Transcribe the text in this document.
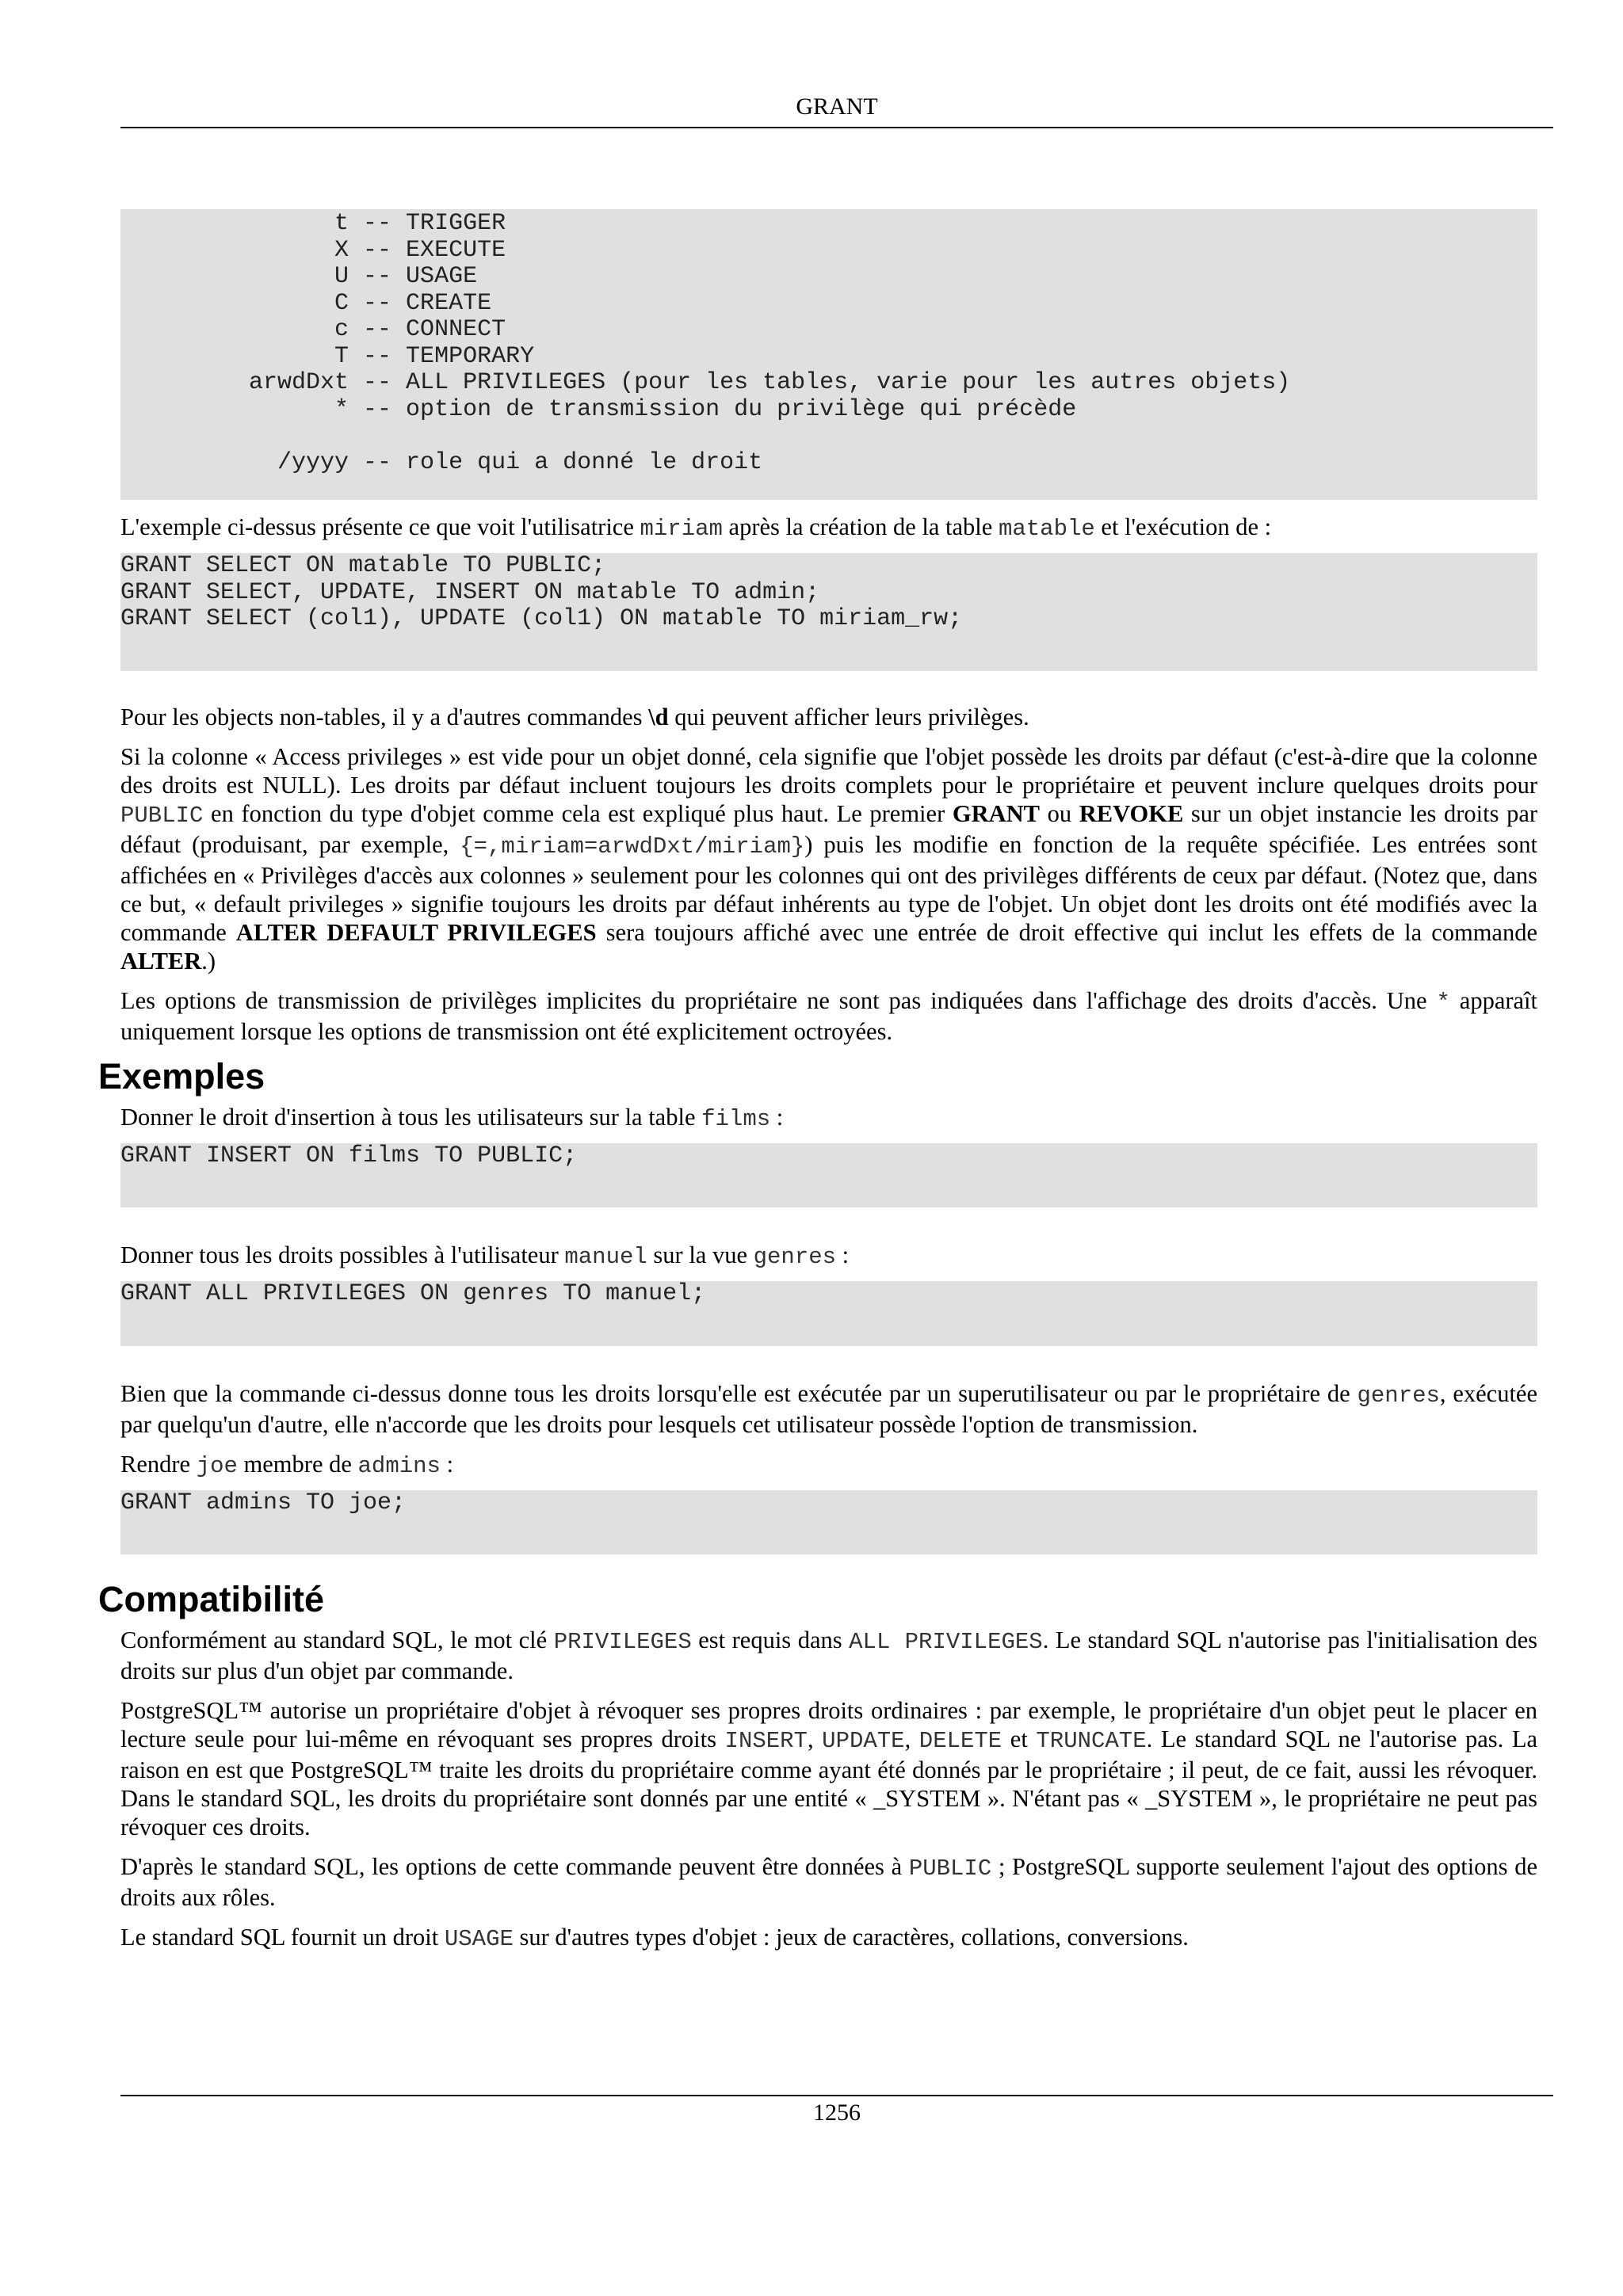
GRANT
t -- TRIGGER
X -- EXECUTE
U -- USAGE
C -- CREATE
c -- CONNECT
T -- TEMPORARY
arwdDxt -- ALL PRIVILEGES (pour les tables, varie pour les autres objets)
* -- option de transmission du privilège qui précède

/yyyy -- role qui a donné le droit

L'exemple ci-dessus présente ce que voit l'utilisatrice miriam après la création de la table matable et l'exécution de :

GRANT SELECT ON matable TO PUBLIC;
GRANT SELECT, UPDATE, INSERT ON matable TO admin;
GRANT SELECT (col1), UPDATE (col1) ON matable TO miriam_rw;

Pour les objects non-tables, il y a d'autres commandes \d qui peuvent afficher leurs privilèges.

Si la colonne « Access privileges » est vide pour un objet donné, cela signifie que l'objet possède les droits par défaut (c'est-à-dire que la colonne des droits est NULL). Les droits par défaut incluent toujours les droits complets pour le propriétaire et peuvent inclure quelques droits pour PUBLIC en fonction du type d'objet comme cela est expliqué plus haut. Le premier GRANT ou REVOKE sur un objet instancie les droits par défaut (produisant, par exemple, {=,miriam=arwdDxt/miriam}) puis les modifie en fonction de la requête spécifiée. Les entrées sont affichées en « Privilèges d'accès aux colonnes » seulement pour les colonnes qui ont des privilèges différents de ceux par défaut. (Notez que, dans ce but, « default privileges » signifie toujours les droits par défaut inhérents au type de l'objet. Un objet dont les droits ont été modifiés avec la commande ALTER DEFAULT PRIVILEGES sera toujours affiché avec une entrée de droit effective qui inclut les effets de la commande ALTER.)

Les options de transmission de privilèges implicites du propriétaire ne sont pas indiquées dans l'affichage des droits d'accès. Une * apparaît uniquement lorsque les options de transmission ont été explicitement octroyées.

Exemples

Donner le droit d'insertion à tous les utilisateurs sur la table films :

GRANT INSERT ON films TO PUBLIC;

Donner tous les droits possibles à l'utilisateur manuel sur la vue genres :

GRANT ALL PRIVILEGES ON genres TO manuel;

Bien que la commande ci-dessus donne tous les droits lorsqu'elle est exécutée par un superutilisateur ou par le propriétaire de genres, exécutée par quelqu'un d'autre, elle n'accorde que les droits pour lesquels cet utilisateur possède l'option de transmission.

Rendre joe membre de admins :

GRANT admins TO joe;
Compatibilité

Conformément au standard SQL, le mot clé PRIVILEGES est requis dans ALL PRIVILEGES. Le standard SQL n'autorise pas l'initialisation des droits sur plus d'un objet par commande.

PostgreSQL™ autorise un propriétaire d'objet à révoquer ses propres droits ordinaires : par exemple, le propriétaire d'un objet peut le placer en lecture seule pour lui-même en révoquant ses propres droits INSERT, UPDATE, DELETE et TRUNCATE. Le standard SQL ne l'autorise pas. La raison en est que PostgreSQL™ traite les droits du propriétaire comme ayant été donnés par le propriétaire ; il peut, de ce fait, aussi les révoquer. Dans le standard SQL, les droits du propriétaire sont donnés par une entité « _SYSTEM ». N'étant pas « _SYSTEM », le propriétaire ne peut pas révoquer ces droits.

D'après le standard SQL, les options de cette commande peuvent être données à PUBLIC ; PostgreSQL supporte seulement l'ajout des options de droits aux rôles.

Le standard SQL fournit un droit USAGE sur d'autres types d'objet : jeux de caractères, collations, conversions.

1256
